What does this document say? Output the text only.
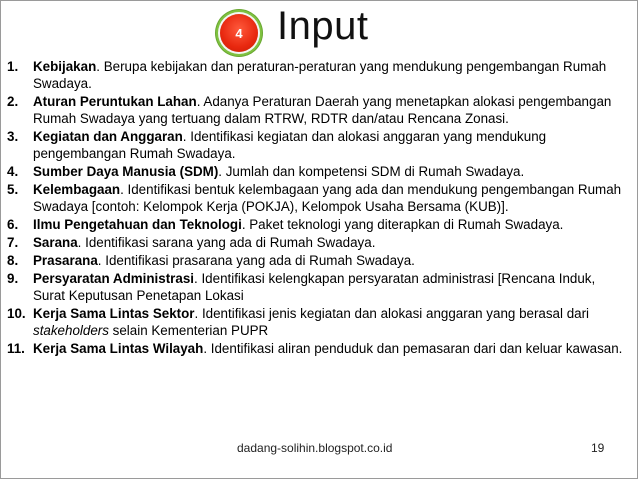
4 Input
1. Kebijakan. Berupa kebijakan dan peraturan-peraturan yang mendukung pengembangan Rumah Swadaya.
2. Aturan Peruntukan Lahan. Adanya Peraturan Daerah yang menetapkan alokasi pengembangan Rumah Swadaya yang tertuang dalam RTRW, RDTR dan/atau Rencana Zonasi.
3. Kegiatan dan Anggaran. Identifikasi kegiatan dan alokasi anggaran yang mendukung pengembangan Rumah Swadaya.
4. Sumber Daya Manusia (SDM). Jumlah dan kompetensi SDM di Rumah Swadaya.
5. Kelembagaan. Identifikasi bentuk kelembagaan yang ada dan mendukung pengembangan Rumah Swadaya [contoh: Kelompok Kerja (POKJA), Kelompok Usaha Bersama (KUB)].
6. Ilmu Pengetahuan dan Teknologi. Paket teknologi yang diterapkan di Rumah Swadaya.
7. Sarana. Identifikasi sarana yang ada di Rumah Swadaya.
8. Prasarana. Identifikasi prasarana yang ada di Rumah Swadaya.
9. Persyaratan Administrasi. Identifikasi kelengkapan persyaratan administrasi [Rencana Induk, Surat Keputusan Penetapan Lokasi
10. Kerja Sama Lintas Sektor. Identifikasi jenis kegiatan dan alokasi anggaran yang berasal dari stakeholders selain Kementerian PUPR
11. Kerja Sama Lintas Wilayah. Identifikasi aliran penduduk dan pemasaran dari dan keluar kawasan.
dadang-solihin.blogspot.co.id	19
